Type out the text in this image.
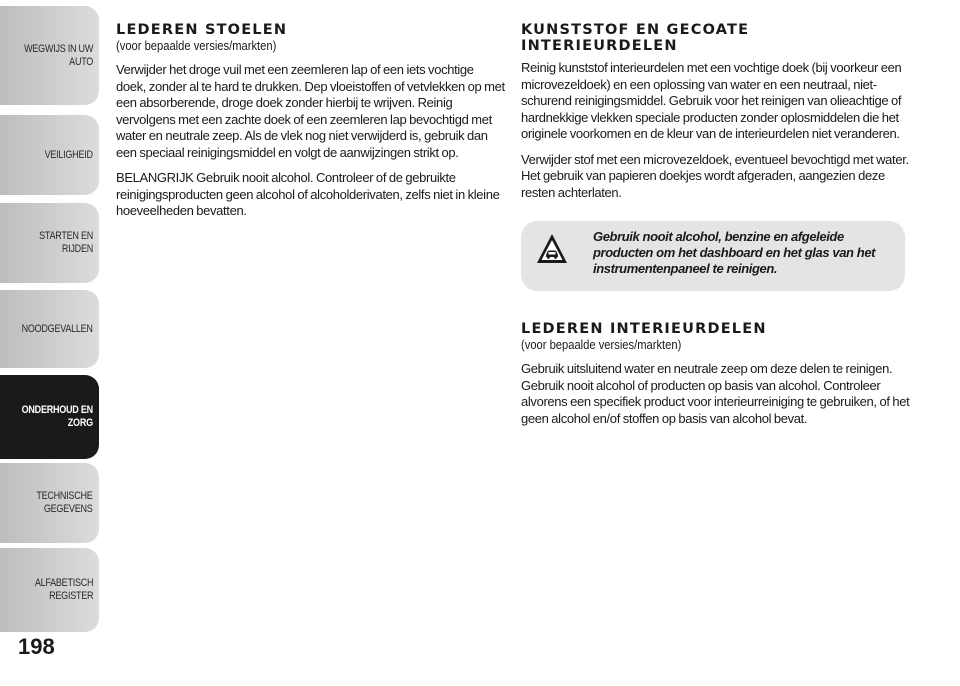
WEGWIJS IN UW
AUTO
VEILIGHEID
STARTEN EN RIJDEN
NOODGEVALLEN
ONDERHOUD EN
ZORG
TECHNISCHE
GEGEVENS
ALFABETISCH
REGISTER
198
LEDEREN STOELEN

(voor bepaalde versies/markten)

Verwijder het droge vuil met een zeemleren lap of een iets vochtige doek, zonder al te hard te drukken. Dep vloeistoffen of vetvlekken op met een absorberende, droge doek zonder hierbij te wrijven. Reinig vervolgens met een zachte doek of een zeemleren lap bevochtigd met water en neutrale zeep. Als de vlek nog niet verwijderd is, gebruik dan een speciaal reinigingsmiddel en volgt de aanwijzingen strikt op.

BELANGRIJK Gebruik nooit alcohol. Controleer of de gebruikte reinigingsproducten geen alcohol of alcoholderivaten, zelfs niet in kleine hoeveelheden bevatten.

KUNSTSTOF EN GECOATE
INTERIEURDELEN

Reinig kunststof interieurdelen met een vochtige doek (bij voorkeur een microvezeldoek) en een oplossing van water en een neutraal, niet-schurend reinigingsmiddel. Gebruik voor het reinigen van olieachtige of hardnekkige vlekken speciale producten zonder oplosmiddelen die het originele voorkomen en de kleur van de interieurdelen niet veranderen.

Verwijder stof met een microvezeldoek, eventueel bevochtigd met water. Het gebruik van papieren doekjes wordt afgeraden, aangezien deze resten achterlaten.

Gebruik nooit alcohol, benzine en afgeleide producten om het dashboard en het glas van het instrumentenpaneel te reinigen.
LEDEREN INTERIEURDELEN

(voor bepaalde versies/markten)

Gebruik uitsluitend water en neutrale zeep om deze delen te reinigen. Gebruik nooit alcohol of producten op basis van alcohol. Controleer alvorens een specifiek product voor interieurreiniging te gebruiken, of het geen alcohol en/of stoffen op basis van alcohol bevat.
